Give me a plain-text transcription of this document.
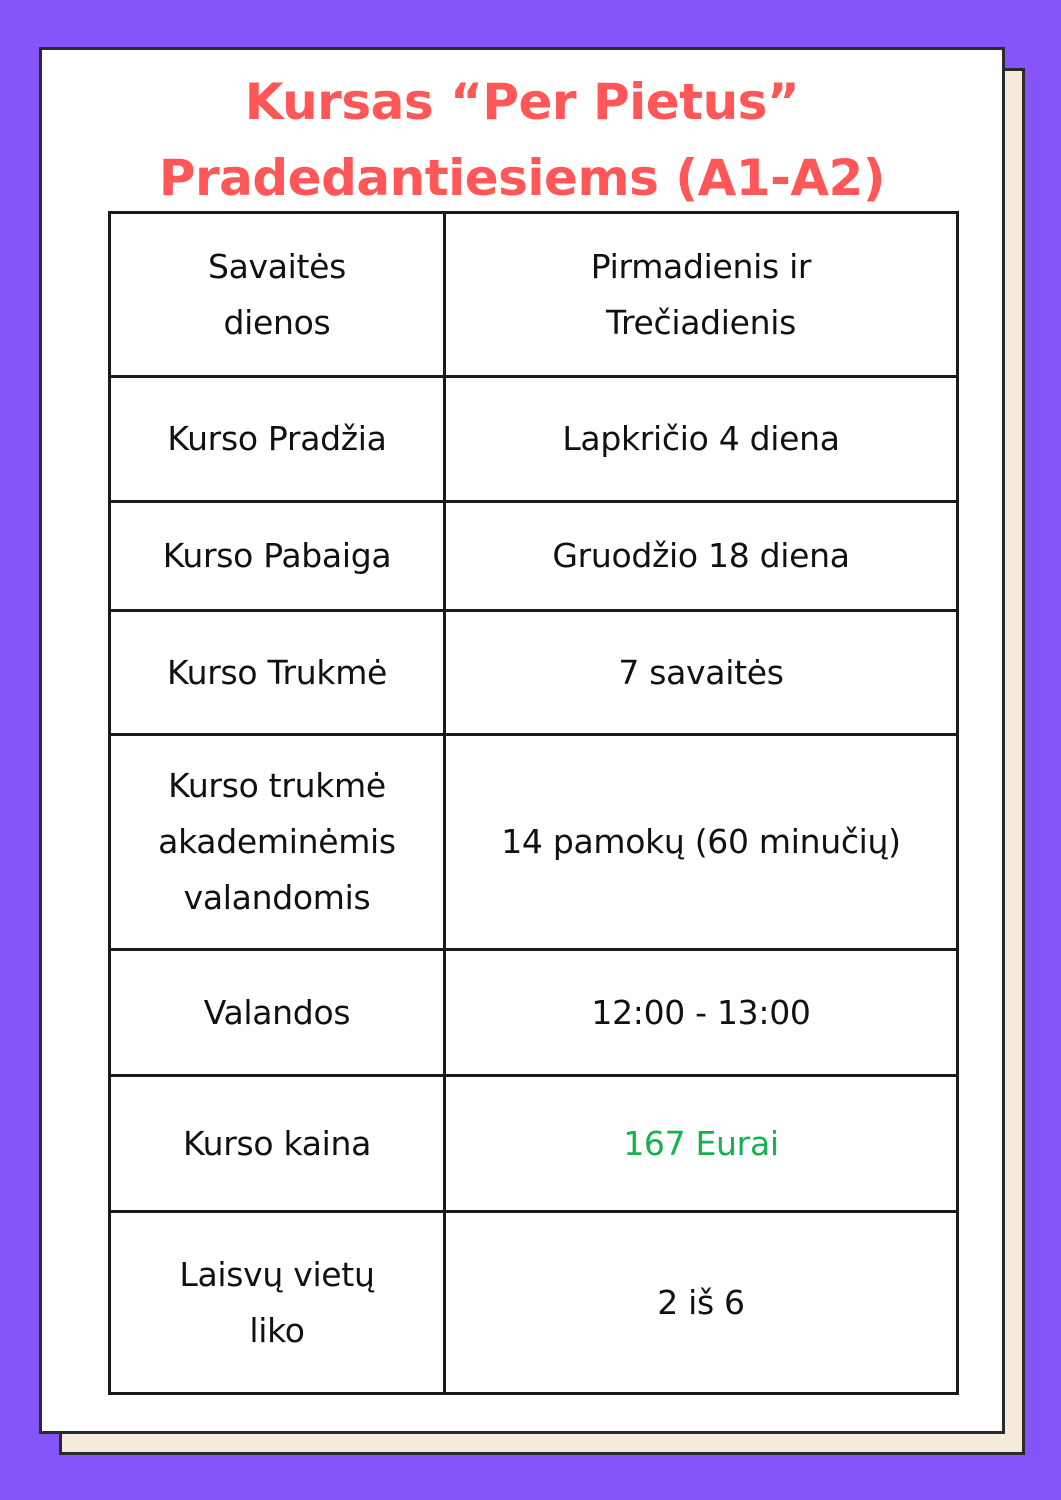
Kursas “Per Pietus”
Pradedantiesiems (A1-A2)
Savaitės dienos	Pirmadienis ir Trečiadienis
Kurso Pradžia	Lapkričio 4 diena
Kurso Pabaiga	Gruodžio 18 diena
Kurso Trukmė	7 savaitės
Kurso trukmė akademinėmis valandomis	14 pamokų (60 minučių)
Valandos	12:00 - 13:00
Kurso kaina	167 Eurai
Laisvų vietų liko	2 iš 6
